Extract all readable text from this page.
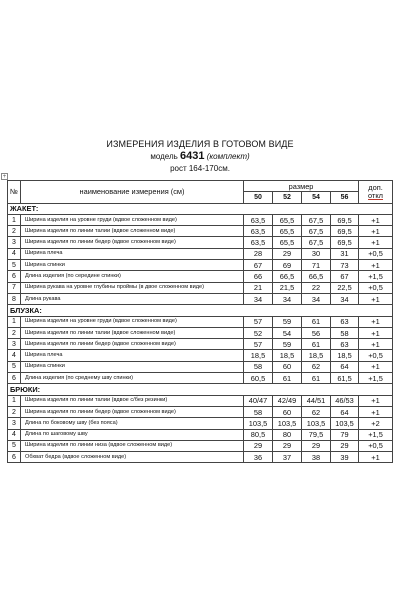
ИЗМЕРЕНИЯ ИЗДЕЛИЯ В ГОТОВОМ ВИДЕ
модель 6431 (комплект)
рост 164-170см.
+
№	наименование измерения (см)	размер				доп.
откл
		50	52	54	56	
ЖАКЕТ:						
1	Ширина изделия на уровне груди (вдвое сложенном виде)	63,5	65,5	67,5	69,5	+1
2	Ширина изделия по линии талии (вдвое сложенном виде)	63,5	65,5	67,5	69,5	+1
3	Ширина изделия по линии бедер (вдвое сложенном виде)	63,5	65,5	67,5	69,5	+1
4	Ширина плеча	28	29	30	31	+0,5
5	Ширина спинки	67	69	71	73	+1
6	Длина изделия (по середине спинки)	66	66,5	66,5	67	+1,5
7	Ширина рукава на уровне глубины проймы (в двое сложенном виде)	21	21,5	22	22,5	+0,5
8	Длина рукава	34	34	34	34	+1
БЛУЗКА:						
1	Ширина изделия на уровне груди (вдвое сложенном виде)	57	59	61	63	+1
2	Ширина изделия по линии талии (вдвое сложенном виде)	52	54	56	58	+1
3	Ширина изделия по линии бедер (вдвое сложенном виде)	57	59	61	63	+1
4	Ширина плеча	18,5	18,5	18,5	18,5	+0,5
5	Ширина спинки	58	60	62	64	+1
6	Длина изделия (по среднему шву спинки)	60,5	61	61	61,5	+1,5
БРЮКИ:						
1	Ширина изделия по линии талии (вдвое с/без резинки)	40/47	42/49	44/51	46/53	+1
2	Ширина изделия по линии бедер (вдвое сложенном виде)	58	60	62	64	+1
3	Длина по боковому шву (без пояса)	103,5	103,5	103,5	103,5	+2
4	Длина по шаговому шву	80,5	80	79,5	79	+1,5
5	Ширина изделия по линии низа (вдвое сложенном виде)	29	29	29	29	+0,5
6	Обхват бедра (вдвое сложенном виде)	36	37	38	39	+1
